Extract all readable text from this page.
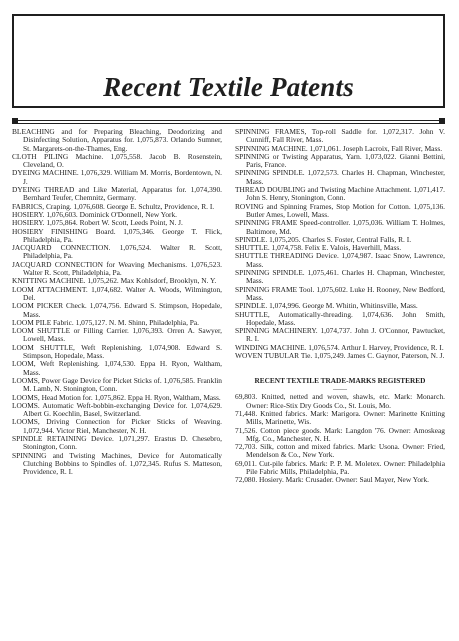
Recent Textile Patents

BLEACHING and for Preparing Bleaching, Deodorizing and Disinfecting Solution, Apparatus for. 1,075,873. Orlando Sumner, St. Margarets-on-the-Thames, Eng.

CLOTH PILING Machine. 1,075,558. Jacob B. Rosenstein, Cleveland, O.

DYEING MACHINE. 1,076,329. William M. Morris, Bordentown, N. J.

DYEING THREAD and Like Material, Apparatus for. 1,074,390. Bernhard Teufer, Chemnitz, Germany.

FABRICS, Craping. 1,076,608. George E. Schultz, Providence, R. I.

HOSIERY. 1,076,603. Dominick O'Donnell, New York.

HOSIERY. 1,075,864. Robert W. Scott, Leeds Point, N. J.

HOSIERY FINISHING Board. 1,075,346. George T. Flick, Philadelphia, Pa.

JACQUARD CONNECTION. 1,076,524. Walter R. Scott, Philadelphia, Pa.

JACQUARD CONNECTION for Weaving Mechanisms. 1,076,523. Walter R. Scott, Philadelphia, Pa.

KNITTING MACHINE. 1,075,262. Max Kohlsdorf, Brooklyn, N. Y.

LOOM ATTACHMENT. 1,074,682. Walter A. Woods, Wilmington, Del.

LOOM PICKER Check. 1,074,756. Edward S. Stimpson, Hopedale, Mass.

LOOM PILE Fabric. 1,075,127. N. M. Shinn, Philadelphia, Pa.

LOOM SHUTTLE or Filling Carrier. 1,076,393. Orren A. Sawyer, Lowell, Mass.

LOOM SHUTTLE, Weft Replenishing. 1,074,908. Edward S. Stimpson, Hopedale, Mass.

LOOM, Weft Replenishing. 1,074,530. Eppa H. Ryon, Waltham, Mass.

LOOMS, Power Gage Device for Picket Sticks of. 1,076,585. Franklin M. Lamb, N. Stonington, Conn.

LOOMS, Head Motion for. 1,075,862. Eppa H. Ryon, Waltham, Mass.

LOOMS. Automatic Weft-bobbin-exchanging Device for. 1,074,629. Albert G. Koechlin, Basel, Switzerland.

LOOMS, Driving Connection for Picker Sticks of Weaving. 1,072,944. Victor Riel, Manchester, N. H.

SPINDLE RETAINING Device. 1,071,297. Erastus D. Chesebro, Stonington, Conn.

SPINNING and Twisting Machines, Device for Automatically Clutching Bobbins to Spindles of. 1,072,345. Rufus S. Matteson, Providence, R. I.

SPINNING FRAMES, Top-roll Saddle for. 1,072,317. John V. Cunniff, Fall River, Mass.

SPINNING MACHINE. 1,071,061. Joseph Lacroix, Fall River, Mass.

SPINNING or Twisting Apparatus, Yarn. 1,073,022. Gianni Bettini, Paris, France.

SPINNING SPINDLE. 1,072,573. Charles H. Chapman, Winchester, Mass.

THREAD DOUBLING and Twisting Machine Attachment. 1,071,417. John S. Henry, Stonington, Conn.

ROVING and Spinning Frames, Stop Motion for Cotton. 1,075,136. Butler Ames, Lowell, Mass.

SPINNING FRAME Speed-controller. 1,075,036. William T. Holmes, Baltimore, Md.

SPINDLE. 1,075,205. Charles S. Foster, Central Falls, R. I.

SHUTTLE. 1,074,758. Felix E. Valois, Haverhill, Mass.

SHUTTLE THREADING Device. 1,074,987. Isaac Snow, Lawrence, Mass.

SPINNING SPINDLE. 1,075,461. Charles H. Chapman, Winchester, Mass.

SPINNING FRAME Tool. 1,075,602. Luke H. Rooney, New Bedford, Mass.

SPINDLE. 1,074,996. George M. Whitin, Whitinsville, Mass.

SHUTTLE, Automatically-threading. 1,074,636. John Smith, Hopedale, Mass.

SPINNING MACHINERY. 1,074,737. John J. O'Connor, Pawtucket, R. I.

WINDING MACHINE. 1,076,574. Arthur I. Harvey, Providence, R. I.

WOVEN TUBULAR Tie. 1,075,249. James C. Gaynor, Paterson, N. J.

RECENT TEXTILE TRADE-MARKS REGISTERED
——

69,803. Knitted, netted and woven, shawls, etc. Mark: Monarch. Owner: Rice-Stix Dry Goods Co., St. Louis, Mo.

71,448. Knitted fabrics. Mark: Marigora. Owner: Marinette Knitting Mills, Marinette, Wis.

71,526. Cotton piece goods. Mark: Langdon '76. Owner: Amoskeag Mfg. Co., Manchester, N. H.

72,703. Silk, cotton and mixed fabrics. Mark: Usona. Owner: Fried, Mendelson & Co., New York.

69,011. Cut-pile fabrics. Mark: P. P. M. Moletex. Owner: Philadelphia Pile Fabric Mills, Philadelphia, Pa.

72,080. Hosiery. Mark: Crusader. Owner: Saul Mayer, New York.
